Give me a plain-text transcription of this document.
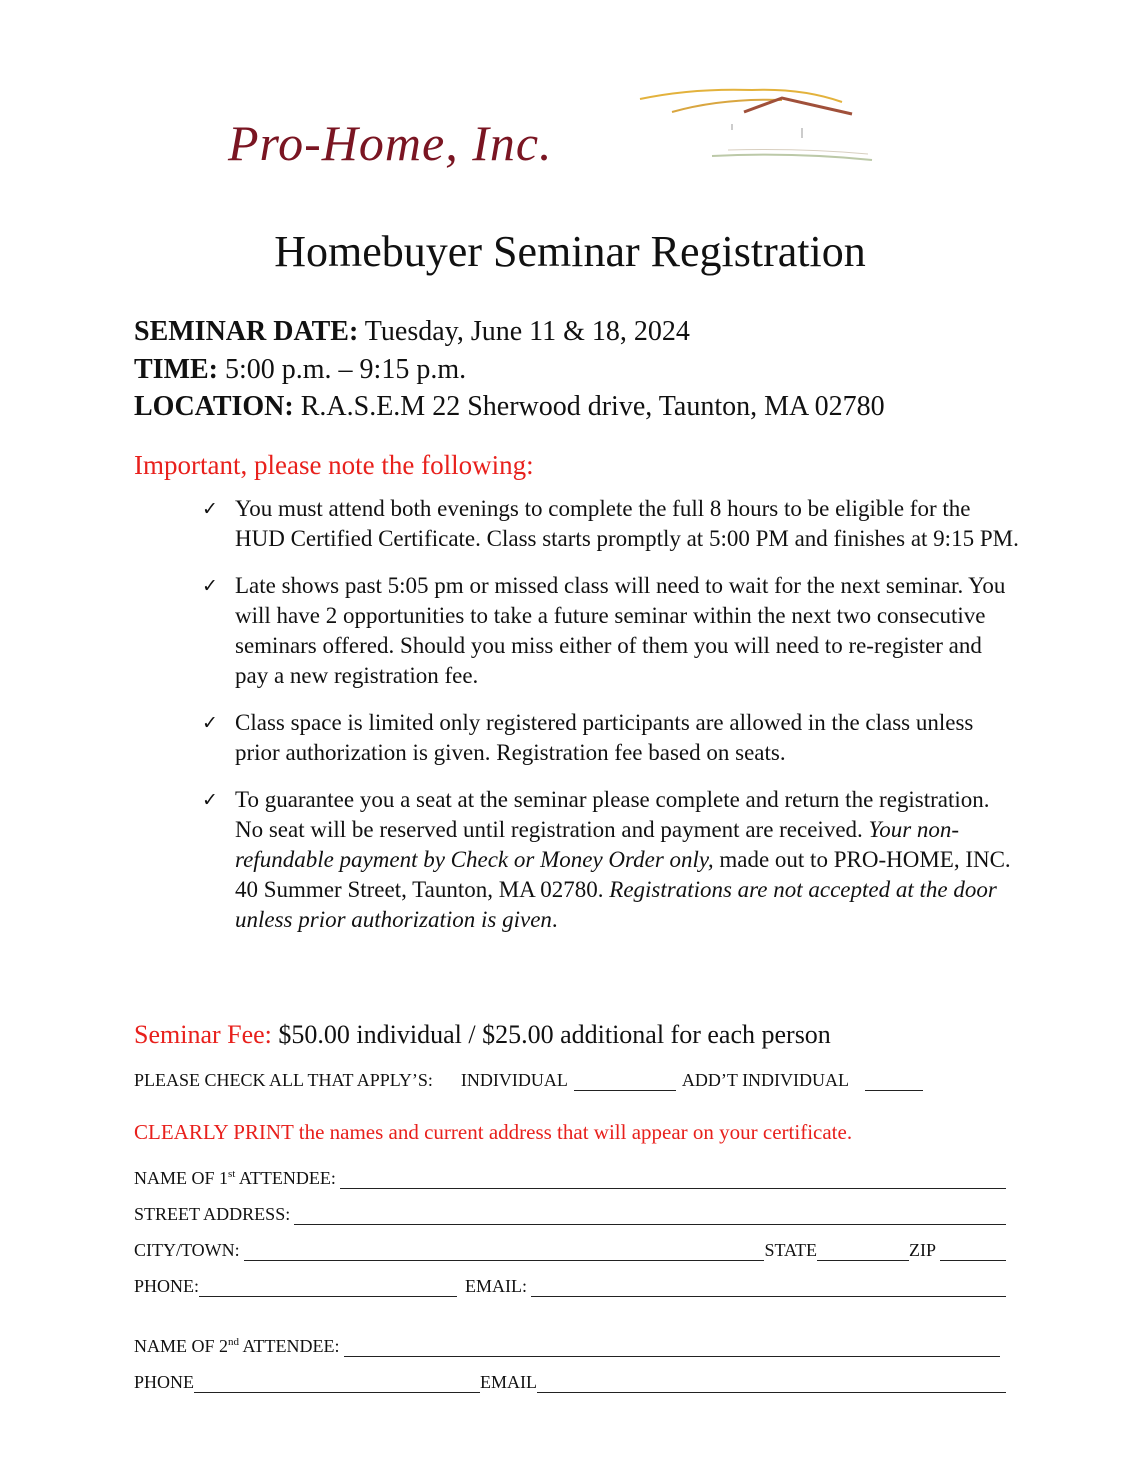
Pro-Home, Inc.
Homebuyer Seminar Registration
SEMINAR DATE: Tuesday, June 11 & 18, 2024
TIME: 5:00 p.m. – 9:15 p.m.
LOCATION: R.A.S.E.M 22 Sherwood drive, Taunton, MA 02780
Important, please note the following:
✓ You must attend both evenings to complete the full 8 hours to be eligible for the HUD Certified Certificate. Class starts promptly at 5:00 PM and finishes at 9:15 PM.
✓ Late shows past 5:05 pm or missed class will need to wait for the next seminar. You will have 2 opportunities to take a future seminar within the next two consecutive seminars offered. Should you miss either of them you will need to re-register and pay a new registration fee.
✓ Class space is limited only registered participants are allowed in the class unless prior authorization is given. Registration fee based on seats.
✓ To guarantee you a seat at the seminar please complete and return the registration. No seat will be reserved until registration and payment are received. Your non-refundable payment by Check or Money Order only, made out to PRO-HOME, INC. 40 Summer Street, Taunton, MA 02780. Registrations are not accepted at the door unless prior authorization is given.
Seminar Fee: $50.00 individual / $25.00 additional for each person
PLEASE CHECK ALL THAT APPLY’S: INDIVIDUAL	ADD’T INDIVIDUAL
CLEARLY PRINT the names and current address that will appear on your certificate.
NAME OF 1st ATTENDEE:
STREET ADDRESS:
CITY/TOWN:	STATE	ZIP
PHONE:	EMAIL:
NAME OF 2nd ATTENDEE:
PHONE	EMAIL
